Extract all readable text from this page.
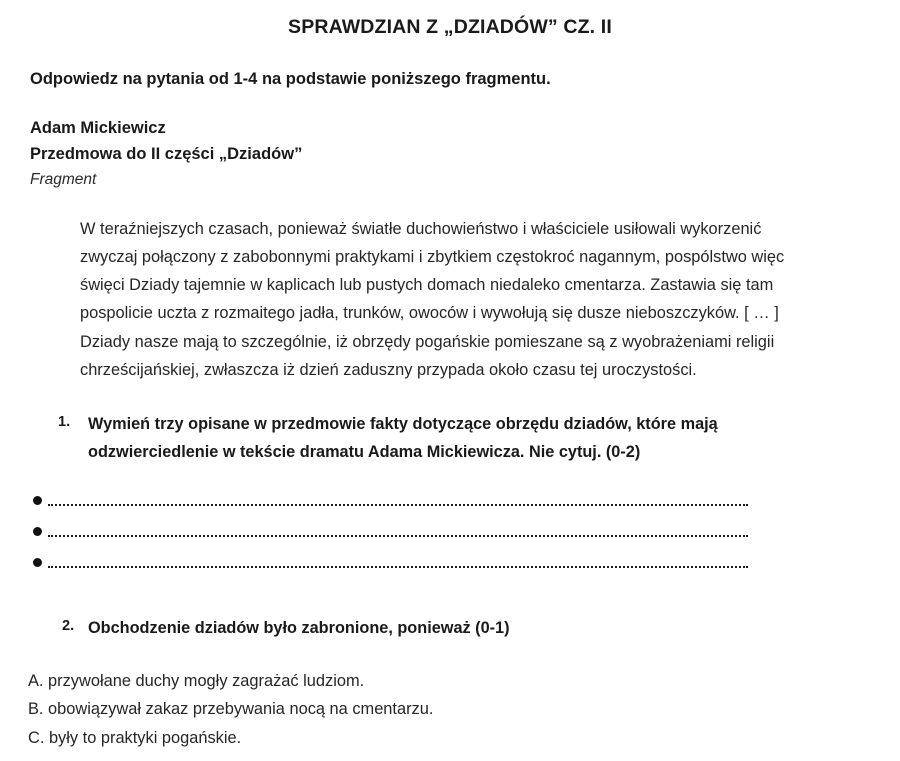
SPRAWDZIAN Z „DZIADÓW” CZ. II

Odpowiedz na pytania od 1-4 na podstawie poniższego fragmentu.

Adam Mickiewicz
Przedmowa do II części „Dziadów”
Fragment

W teraźniejszych czasach, ponieważ światłe duchowieństwo i właściciele usiłowali wykorzenić zwyczaj połączony z zabobonnymi praktykami i zbytkiem częstokroć nagannym, pospólstwo więc święci Dziady tajemnie w kaplicach lub pustych domach niedaleko cmentarza. Zastawia się tam pospolicie uczta z rozmaitego jadła, trunków, owoców i wywołują się dusze nieboszczyków. [ … ] Dziady nasze mają to szczególnie, iż obrzędy pogańskie pomieszane są z wyobrażeniami religii chrześcijańskiej, zwłaszcza iż dzień zaduszny przypada około czasu tej uroczystości.

1.	Wymień trzy opisane w przedmowie fakty dotyczące obrzędu dziadów, które mają odzwierciedlenie w tekście dramatu Adama Mickiewicza. Nie cytuj. (0-2)
2. Obchodzenie dziadów było zabronione, ponieważ (0-1)
A. przywołane duchy mogły zagrażać ludziom.
B. obowiązywał zakaz przebywania nocą na cmentarzu.
C. były to praktyki pogańskie.
